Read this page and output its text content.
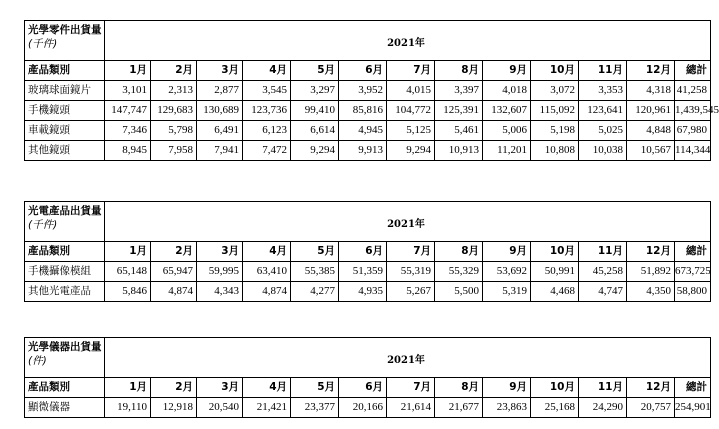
光學零件出貨量
(千件)	2021年												
產品類別	1月	2月	3月	4月	5月	6月	7月	8月	9月	10月	11月	12月	總計
玻璃球面鏡片	3,101	2,313	2,877	3,545	3,297	3,952	4,015	3,397	4,018	3,072	3,353	4,318	41,258
手機鏡頭	147,747	129,683	130,689	123,736	99,410	85,816	104,772	125,391	132,607	115,092	123,641	120,961	1,439,545
車載鏡頭	7,346	5,798	6,491	6,123	6,614	4,945	5,125	5,461	5,006	5,198	5,025	4,848	67,980
其他鏡頭	8,945	7,958	7,941	7,472	9,294	9,913	9,294	10,913	11,201	10,808	10,038	10,567	114,344
光電產品出貨量
(千件)	2021年												
產品類別	1月	2月	3月	4月	5月	6月	7月	8月	9月	10月	11月	12月	總計
手機攝像模組	65,148	65,947	59,995	63,410	55,385	51,359	55,319	55,329	53,692	50,991	45,258	51,892	673,725
其他光電產品	5,846	4,874	4,343	4,874	4,277	4,935	5,267	5,500	5,319	4,468	4,747	4,350	58,800
光學儀器出貨量
(件)	2021年												
產品類別	1月	2月	3月	4月	5月	6月	7月	8月	9月	10月	11月	12月	總計
顯微儀器	19,110	12,918	20,540	21,421	23,377	20,166	21,614	21,677	23,863	25,168	24,290	20,757	254,901
